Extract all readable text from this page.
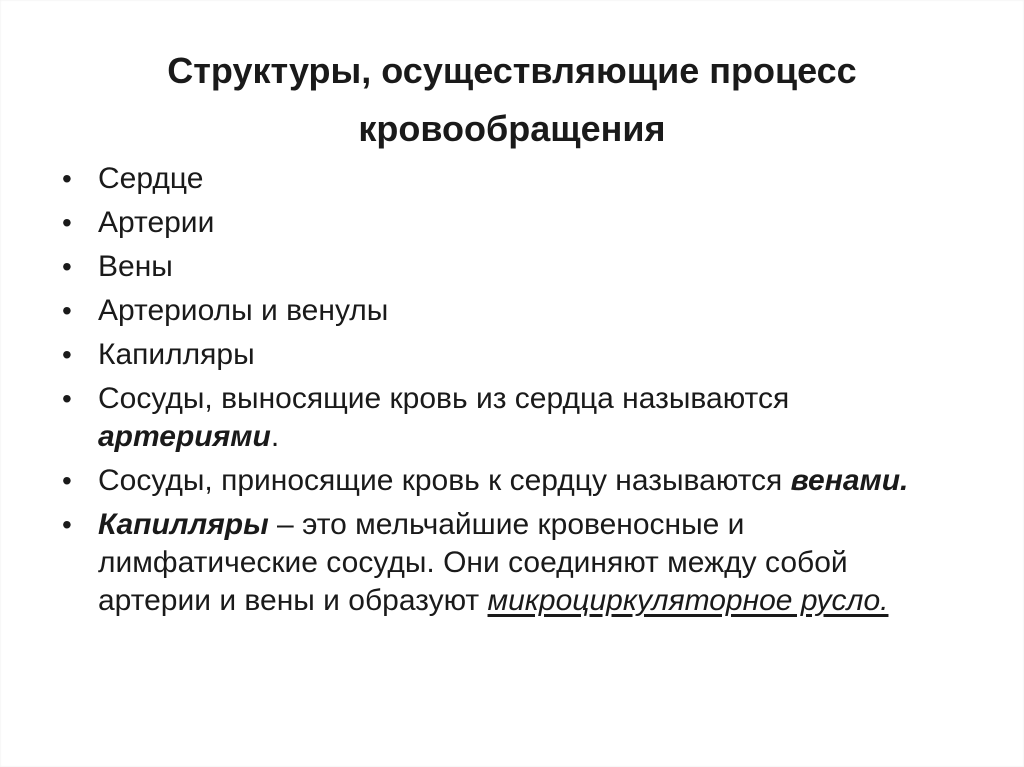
Структуры, осуществляющие процесс
кровообращения
• Сердце
• Артерии
• Вены
• Артериолы и венулы
• Капилляры
• Сосуды, выносящие кровь из сердца называются артериями.
• Сосуды, приносящие кровь к сердцу называются венами.
• Капилляры – это мельчайшие кровеносные и лимфатические сосуды. Они соединяют между собой артерии и вены и образуют микроциркуляторное русло.
